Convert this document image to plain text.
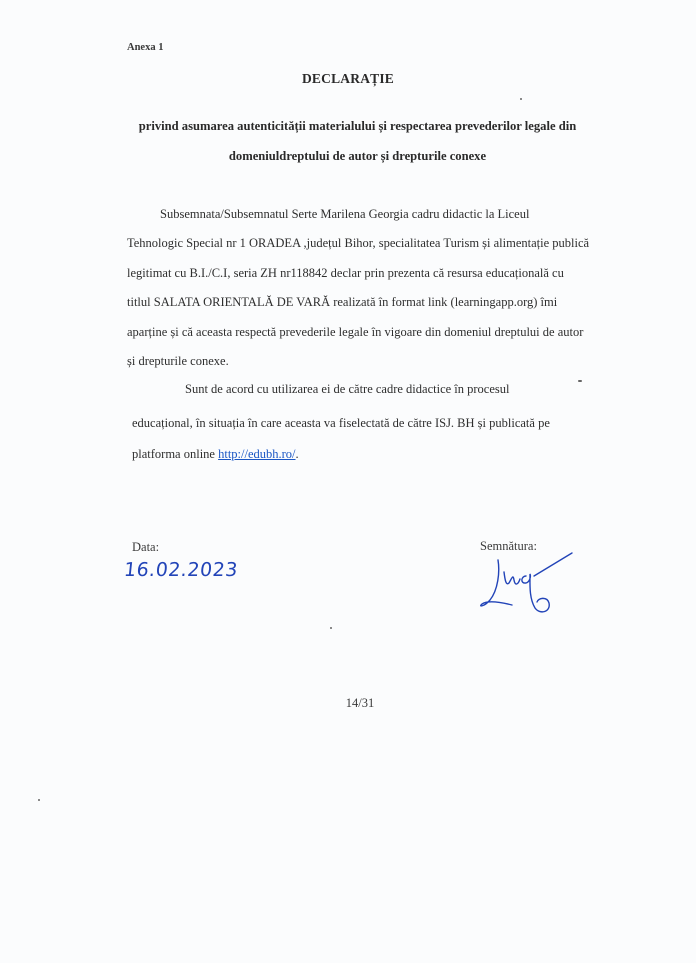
Anexa 1
DECLARAȚIE
privind asumarea autenticității materialului și respectarea prevederilor legale din
domeniuldreptului de autor și drepturile conexe
Subsemnata/Subsemnatul Serte Marilena Georgia cadru didactic la Liceul
Tehnologic Special nr 1 ORADEA ,județul Bihor, specialitatea Turism și alimentație publică
legitimat cu B.I./C.I, seria ZH nr118842 declar prin prezenta că resursa educațională cu
titlul SALATA ORIENTALĂ DE VARĂ realizată în format link (learningapp.org) îmi
aparține și că aceasta respectă prevederile legale în vigoare din domeniul dreptului de autor
și drepturile conexe.
Sunt de acord cu utilizarea ei de către cadre didactice în procesul
educațional, în situația în care aceasta va fiselectată de către ISJ. BH și publicată pe
platforma online http://edubh.ro/.
Data:
16.02.2023
Semnătura:
14/31
